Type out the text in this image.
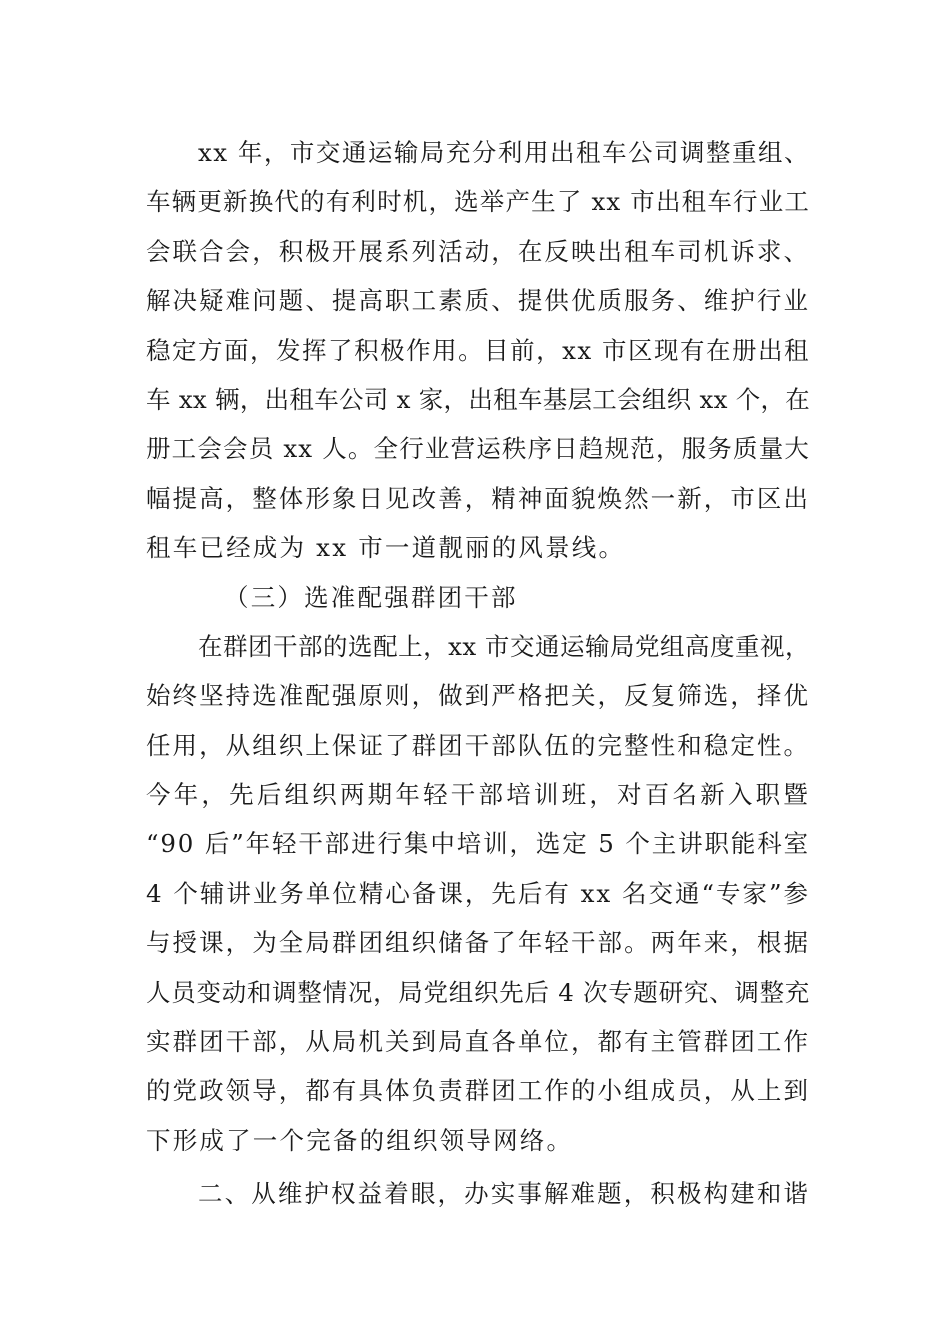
xx 年，市交通运输局充分利用出租车公司调整重组、
车辆更新换代的有利时机，选举产生了 xx 市出租车行业工
会联合会，积极开展系列活动，在反映出租车司机诉求、
解决疑难问题、提高职工素质、提供优质服务、维护行业
稳定方面，发挥了积极作用。目前，xx 市区现有在册出租
车 xx 辆，出租车公司 x 家，出租车基层工会组织 xx 个，在
册工会会员 xx 人。全行业营运秩序日趋规范，服务质量大
幅提高，整体形象日见改善，精神面貌焕然一新，市区出
租车已经成为 xx 市一道靓丽的风景线。
（三）选准配强群团干部
在群团干部的选配上，xx 市交通运输局党组高度重视，
始终坚持选准配强原则，做到严格把关，反复筛选，择优
任用，从组织上保证了群团干部队伍的完整性和稳定性。
今年，先后组织两期年轻干部培训班，对百名新入职暨
“90 后”年轻干部进行集中培训，选定 5 个主讲职能科室
4 个辅讲业务单位精心备课，先后有 xx 名交通“专家”参
与授课，为全局群团组织储备了年轻干部。两年来，根据
人员变动和调整情况，局党组织先后 4 次专题研究、调整充
实群团干部，从局机关到局直各单位，都有主管群团工作
的党政领导，都有具体负责群团工作的小组成员，从上到
下形成了一个完备的组织领导网络。
二、从维护权益着眼，办实事解难题，积极构建和谐
